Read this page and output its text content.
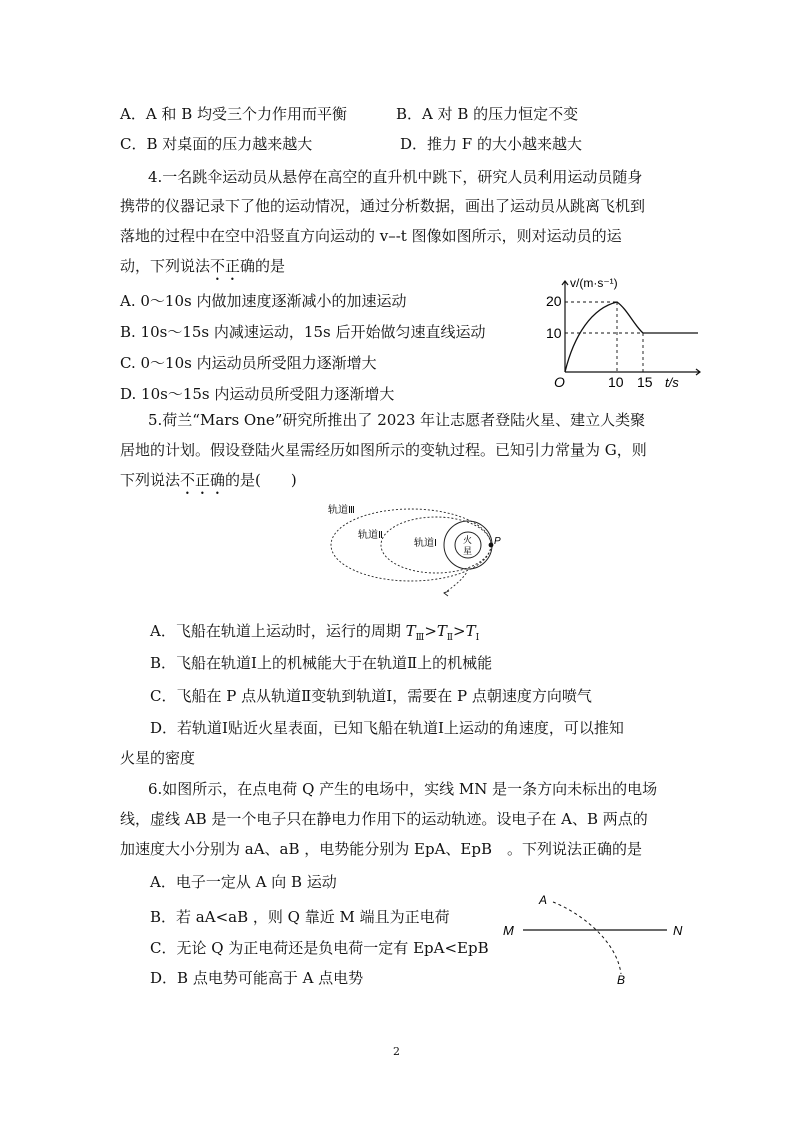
A．A 和 B 均受三个力作用而平衡	B．A 对 B 的压力恒定不变
C．B 对桌面的压力越来越大	D．推力 F 的大小越来越大
4.一名跳伞运动员从悬停在高空的直升机中跳下，研究人员利用运动员随身
携带的仪器记录下了他的运动情况，通过分析数据，画出了运动员从跳离飞机到
落地的过程中在空中沿竖直方向运动的 v–-t 图像如图所示，则对运动员的运
动，下列说法不正确的是
A. 0～10s 内做加速度逐渐减小的加速运动
B. 10s～15s 内减速运动，15s 后开始做匀速直线运动
C. 0～10s 内运动员所受阻力逐渐增大
D. 10s～15s 内运动员所受阻力逐渐增大
v/(m·s⁻¹)
20
10
O	10 15 t/s
5.荷兰“Mars One”研究所推出了 2023 年让志愿者登陆火星、建立人类聚
居地的计划。假设登陆火星需经历如图所示的变轨过程。已知引力常量为 G，则
下列说法不正确的是(　　)
轨道Ⅲ
轨道Ⅱ
轨道Ⅰ	火
星
P
A．飞船在轨道上运动时，运行的周期 $T_Ⅲ>T_Ⅱ>T_Ⅰ$
B．飞船在轨道Ⅰ上的机械能大于在轨道Ⅱ上的机械能
C．飞船在 P 点从轨道Ⅱ变轨到轨道Ⅰ，需要在 P 点朝速度方向喷气
D．若轨道Ⅰ贴近火星表面，已知飞船在轨道Ⅰ上运动的角速度，可以推知
火星的密度
6.如图所示，在点电荷 Q 产生的电场中，实线 MN 是一条方向未标出的电场
线，虚线 AB 是一个电子只在静电力作用下的运动轨迹。设电子在 A、B 两点的
加速度大小分别为 aA、aB ，电势能分别为 EpA、EpB　。下列说法正确的是
A．电子一定从 A 向 B 运动
B．若 aA<aB ，则 Q 靠近 M 端且为正电荷
C．无论 Q 为正电荷还是负电荷一定有 EpA<EpB
D．B 点电势可能高于 A 点电势
A
B
M	N
2
